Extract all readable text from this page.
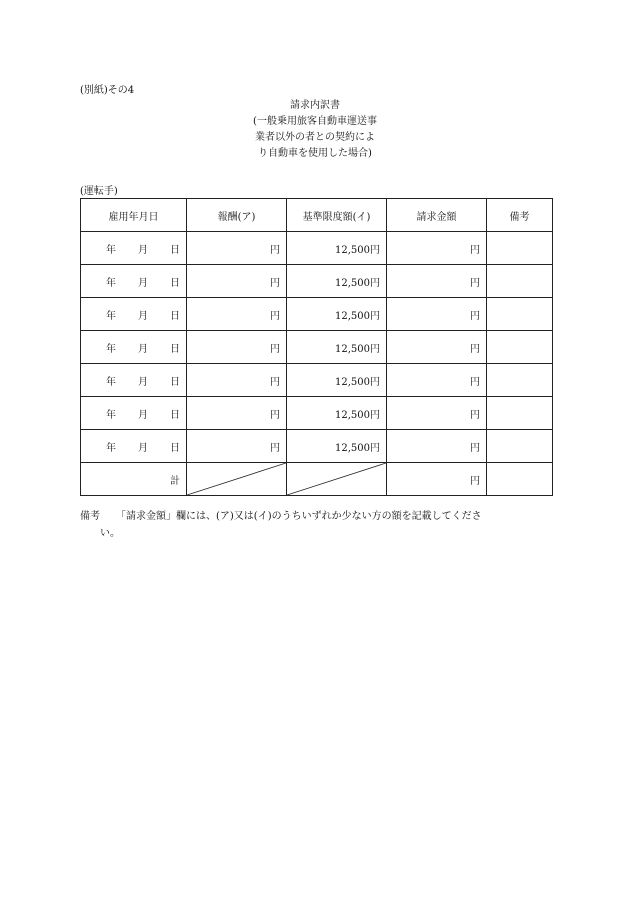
(別紙)その4
請求内訳書
(一般乗用旅客自動車運送事
業者以外の者との契約によ
り自動車を使用した場合)
(運転手)
雇用年月日	報酬(ア)	基準限度額(イ)	請求金額	備考
年 月 日	円	12,500円	円	
年 月 日	円	12,500円	円	
年 月 日	円	12,500円	円	
年 月 日	円	12,500円	円	
年 月 日	円	12,500円	円	
年 月 日	円	12,500円	円	
年 月 日	円	12,500円	円	
計			円	
備考 「請求金額」欄には、(ア)又は(イ)のうちいずれか少ない方の額を記載してくださ
い。
